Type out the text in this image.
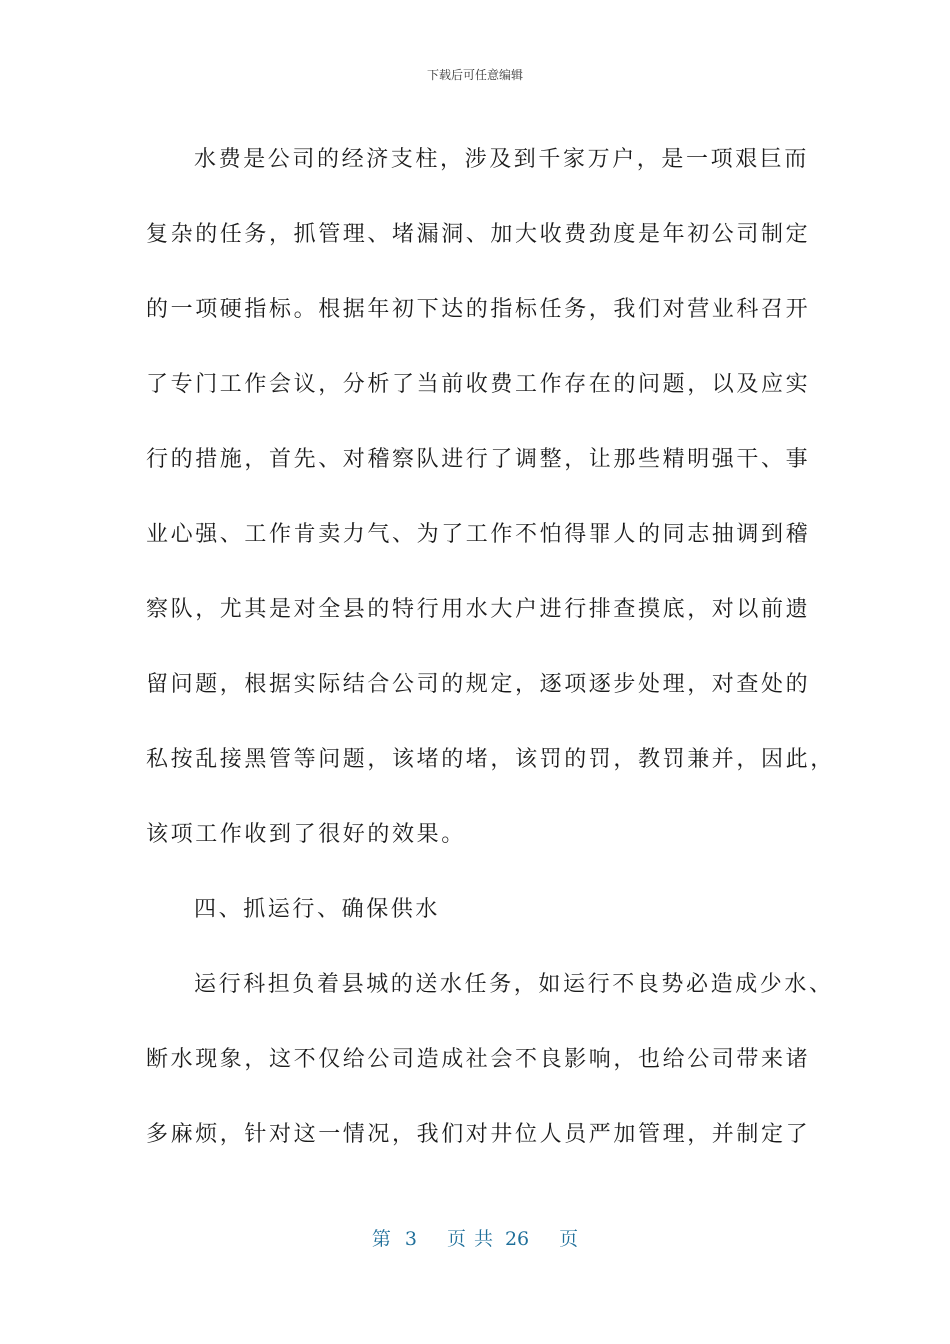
下载后可任意编辑
水费是公司的经济支柱，涉及到千家万户，是一项艰巨而
复杂的任务，抓管理、堵漏洞、加大收费劲度是年初公司制定
的一项硬指标。根据年初下达的指标任务，我们对营业科召开
了专门工作会议，分析了当前收费工作存在的问题，以及应实
行的措施，首先、对稽察队进行了调整，让那些精明强干、事
业心强、工作肯卖力气、为了工作不怕得罪人的同志抽调到稽
察队，尤其是对全县的特行用水大户进行排查摸底，对以前遗
留问题，根据实际结合公司的规定，逐项逐步处理，对查处的
私按乱接黑管等问题，该堵的堵，该罚的罚，教罚兼并，因此，
该项工作收到了很好的效果。
四、抓运行、确保供水
运行科担负着县城的送水任务，如运行不良势必造成少水、
断水现象，这不仅给公司造成社会不良影响，也给公司带来诸
多麻烦，针对这一情况，我们对井位人员严加管理，并制定了
第 3 页 共 26 页
